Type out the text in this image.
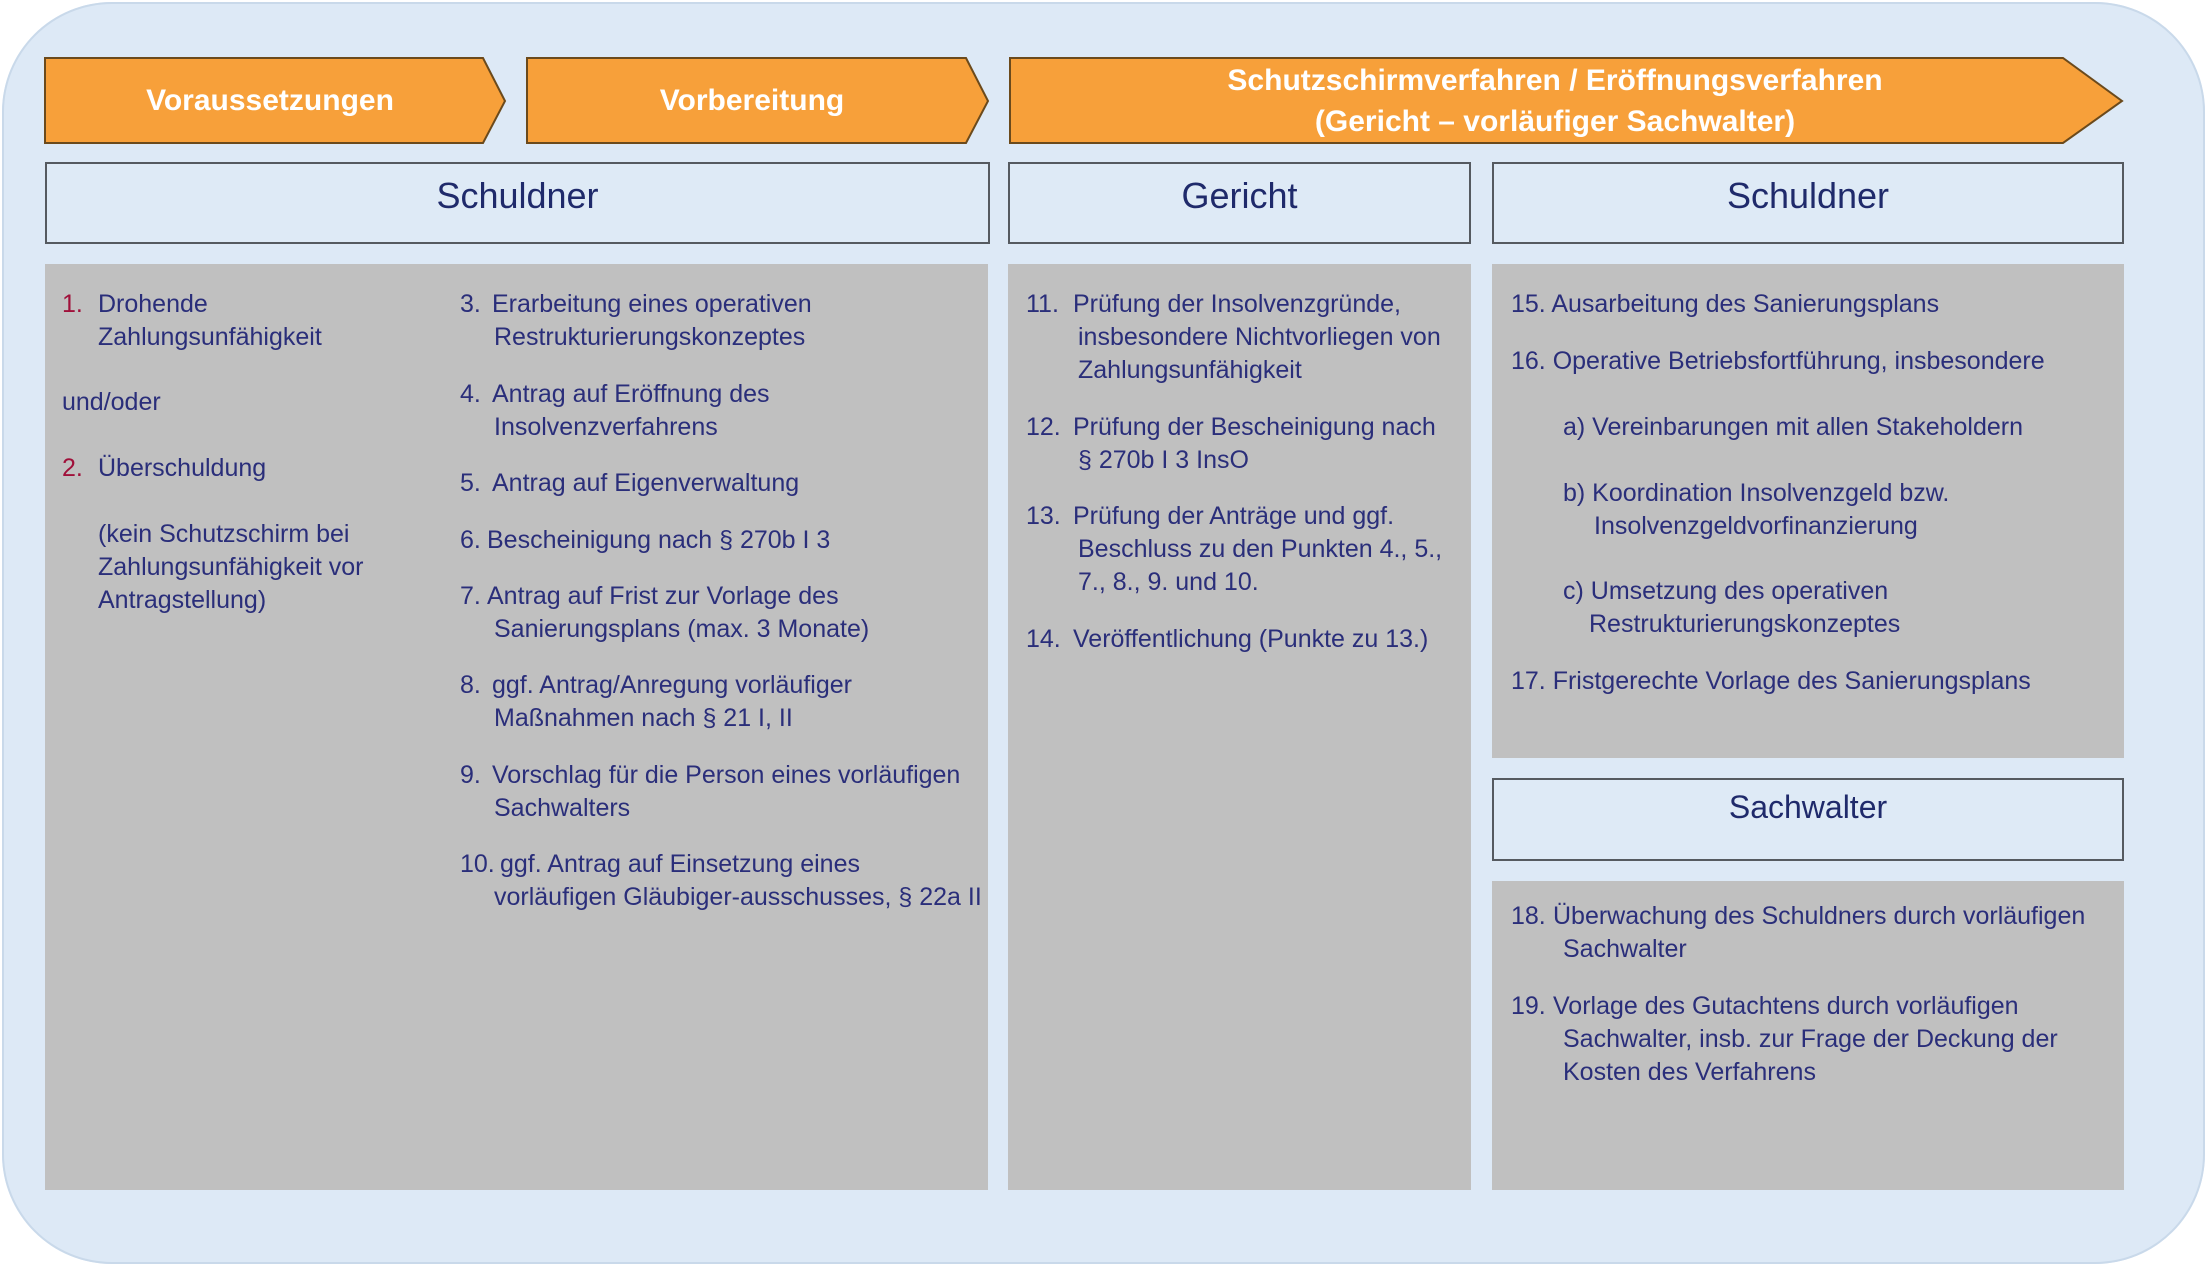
Voraussetzungen	Vorbereitung
Schutzschirmverfahren / Eröffnungsverfahren
(Gericht – vorläufiger Sachwalter)
Schuldner	Gericht	Schuldner
Sachwalter
1. Drohende
Zahlungsunfähigkeit
und/oder
2. Überschuldung
(kein Schutzschirm bei
Zahlungsunfähigkeit vor
Antragstellung)
3. Erarbeitung eines operativen
Restrukturierungskonzeptes
4. Antrag auf Eröffnung des
Insolvenzverfahrens
5. Antrag auf Eigenverwaltung
6. Bescheinigung nach § 270b I 3
7. Antrag auf Frist zur Vorlage des
Sanierungsplans (max. 3 Monate)
8. ggf. Antrag/Anregung vorläufiger
Maßnahmen nach § 21 I, II
9. Vorschlag für die Person eines vorläufigen
Sachwalters
10. ggf. Antrag auf Einsetzung eines
vorläufigen Gläubiger-ausschusses, § 22a II
11. Prüfung der Insolvenzgründe,
insbesondere Nichtvorliegen von
Zahlungsunfähigkeit
12. Prüfung der Bescheinigung nach
§ 270b I 3 InsO
13. Prüfung der Anträge und ggf.
Beschluss zu den Punkten 4., 5.,
7., 8., 9. und 10.
14. Veröffentlichung (Punkte zu 13.)
15. Ausarbeitung des Sanierungsplans
16. Operative Betriebsfortführung, insbesondere
a) Vereinbarungen mit allen Stakeholdern
b) Koordination Insolvenzgeld bzw.
Insolvenzgeldvorfinanzierung
c) Umsetzung des operativen
Restrukturierungskonzeptes
17. Fristgerechte Vorlage des Sanierungsplans
18. Überwachung des Schuldners durch vorläufigen
Sachwalter
19. Vorlage des Gutachtens durch vorläufigen
Sachwalter, insb. zur Frage der Deckung der
Kosten des Verfahrens
